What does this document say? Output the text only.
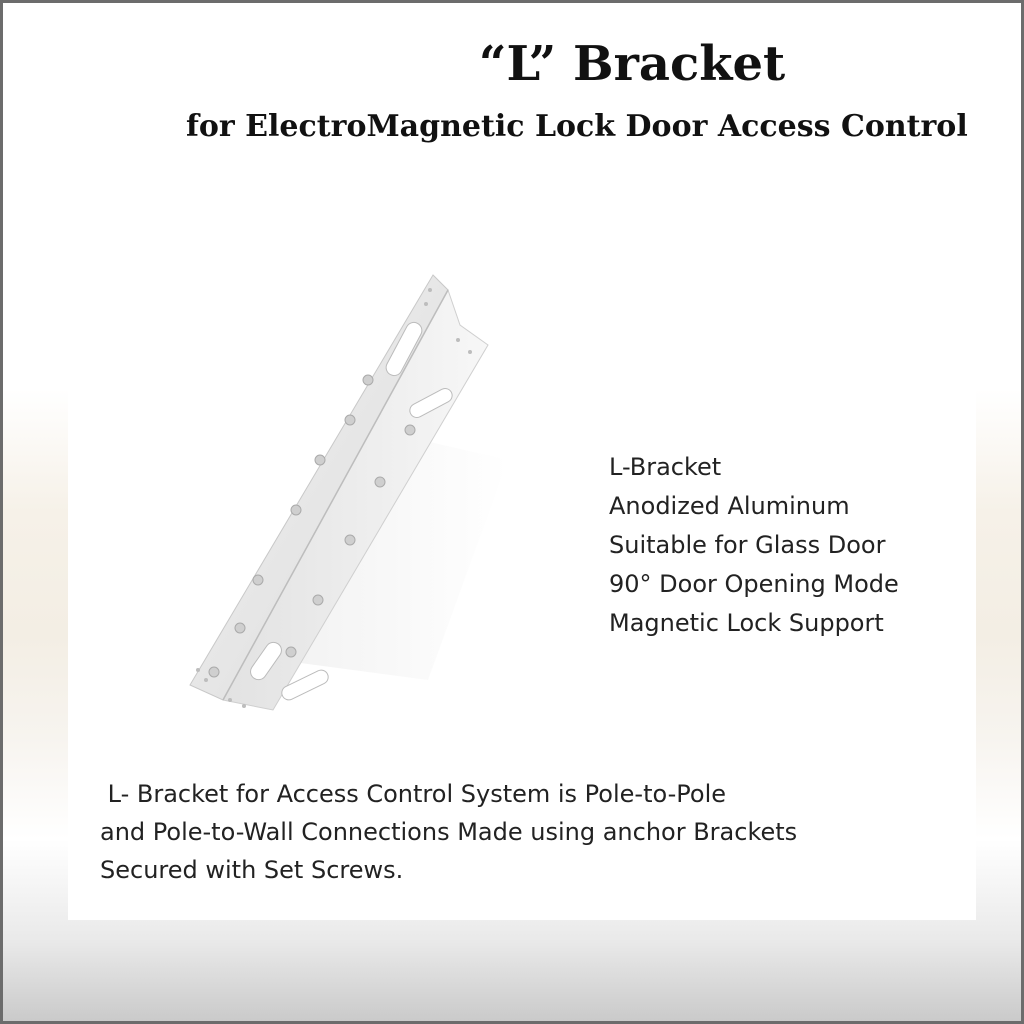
“L” Bracket
for ElectroMagnetic Lock Door Access Control
L-Bracket
Anodized Aluminum
Suitable for Glass Door
90° Door Opening Mode
Magnetic Lock Support
L- Bracket for Access Control System is Pole-to-Pole
and Pole-to-Wall Connections Made using anchor Brackets
Secured with Set Screws.
